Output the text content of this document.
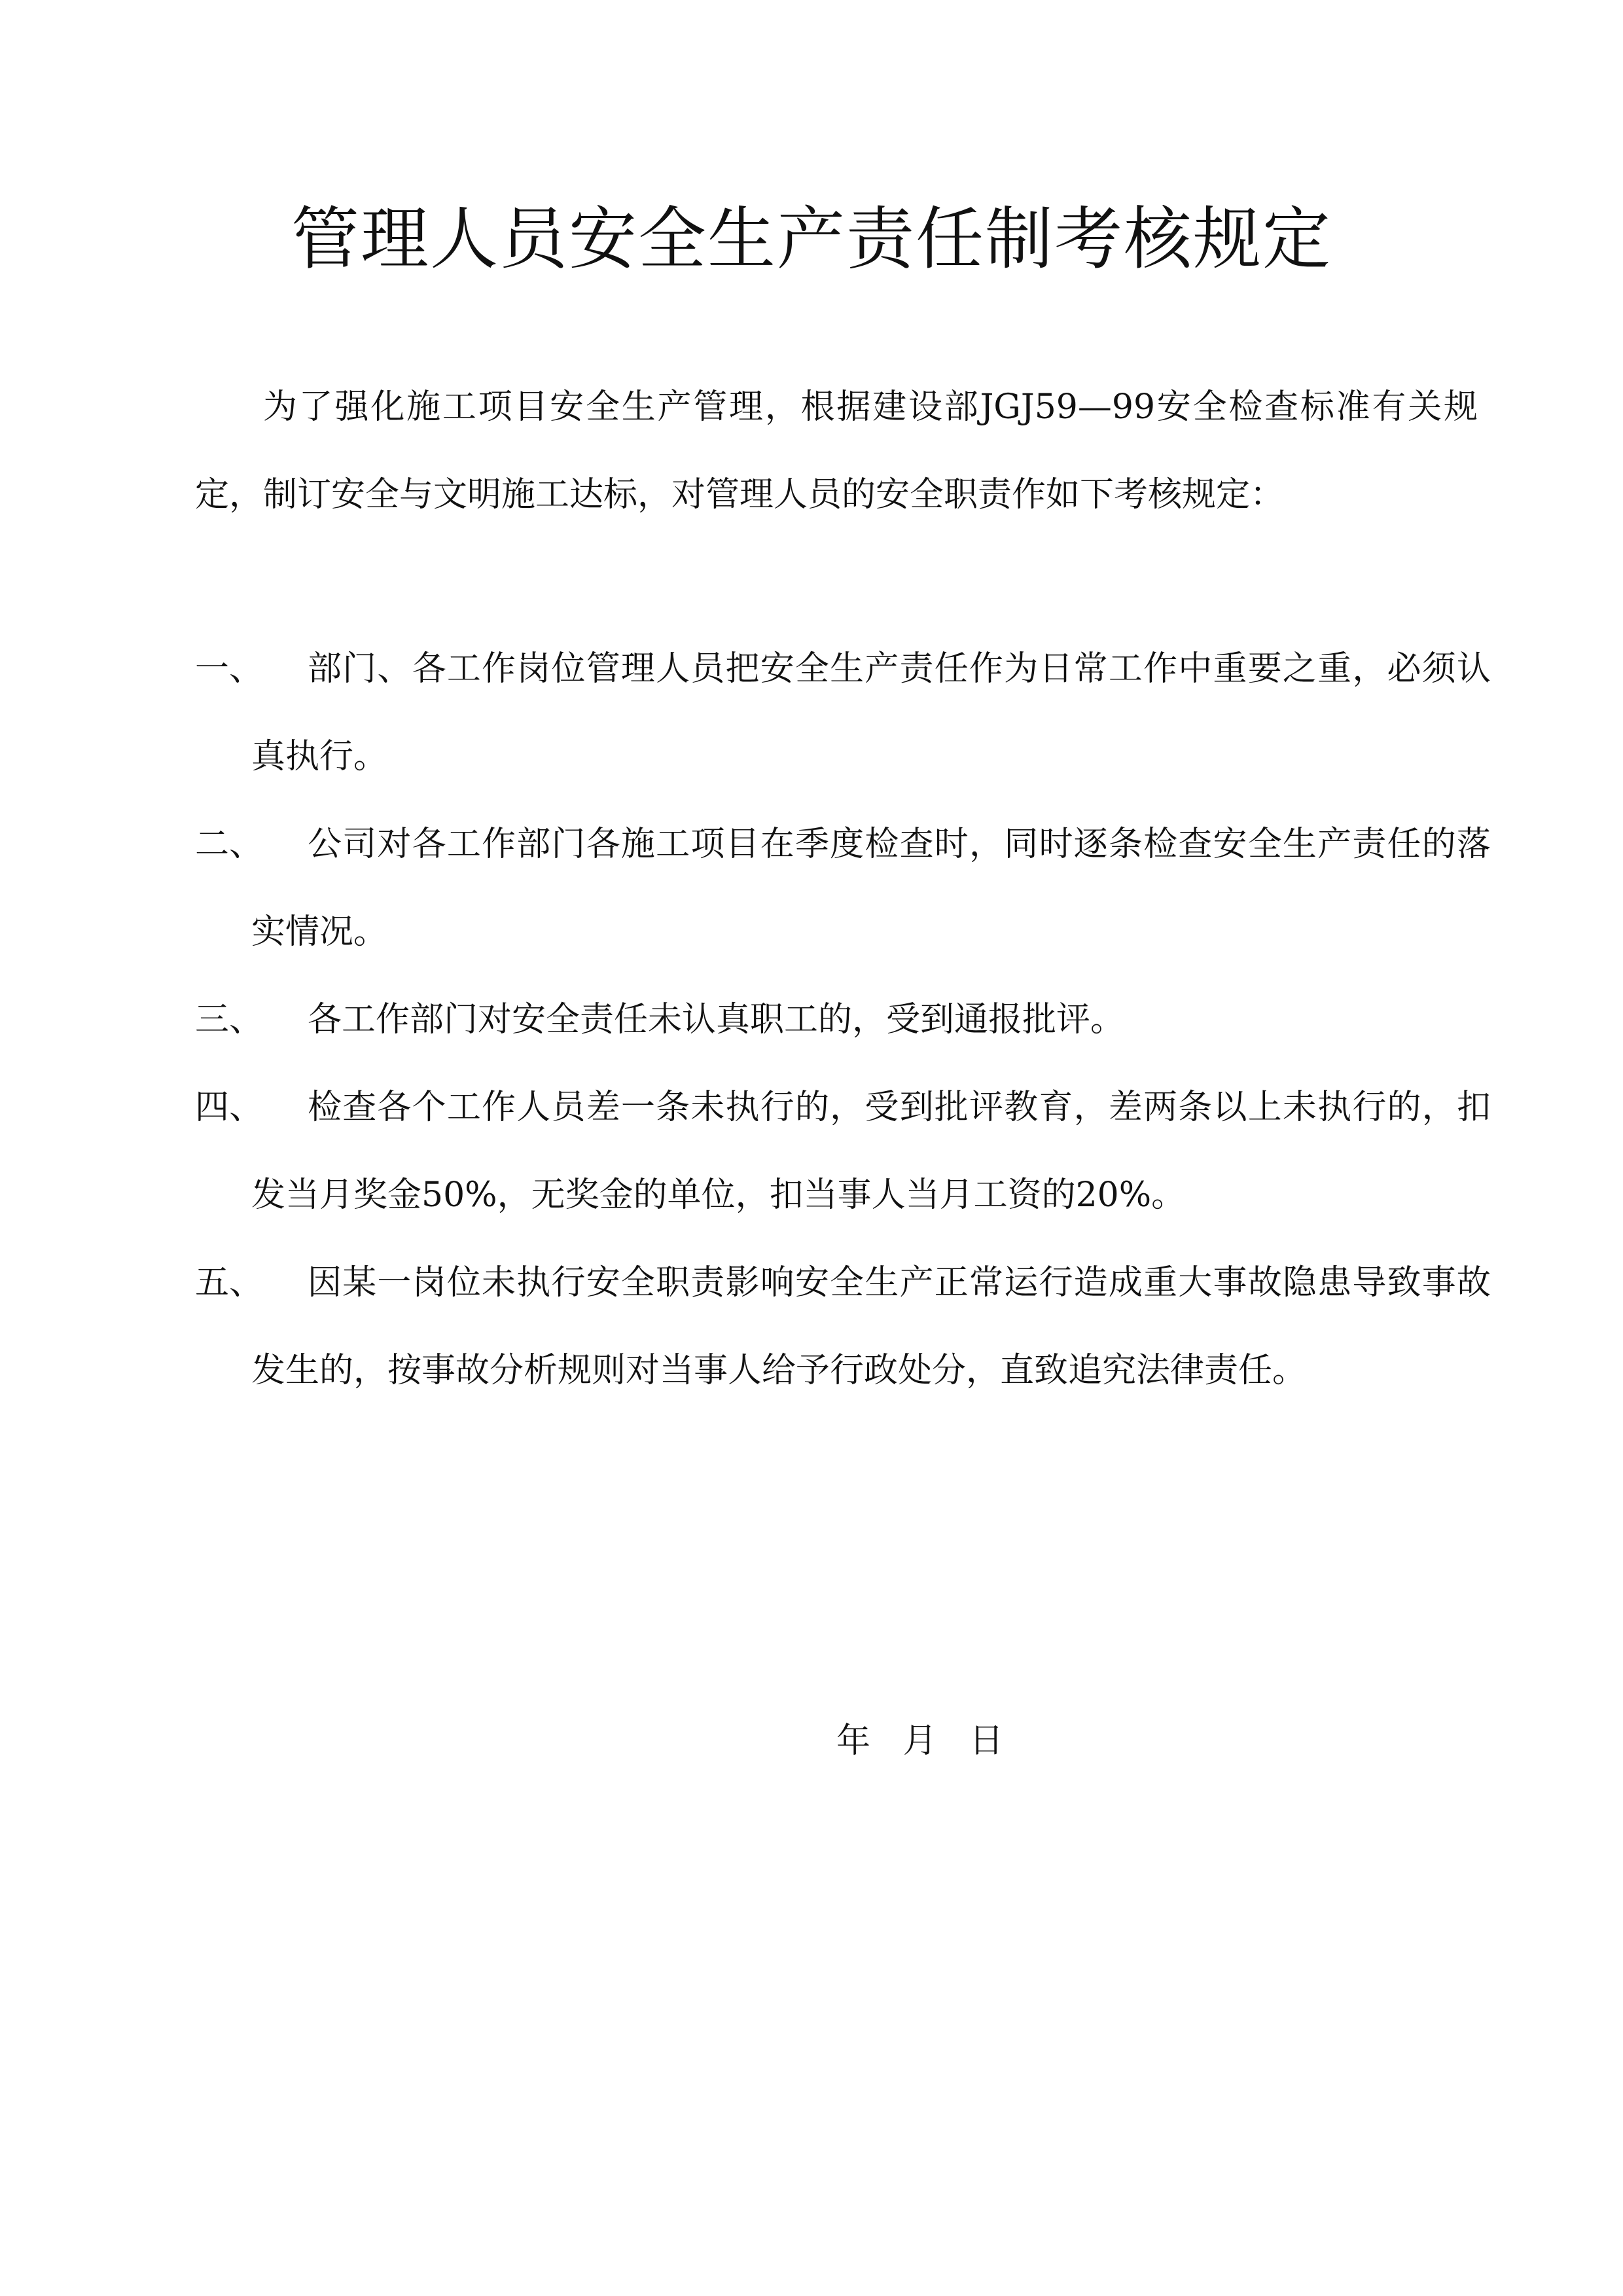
管理人员安全生产责任制考核规定

为了强化施工项目安全生产管理，根据建设部JGJ59—99安全检查标准有关规定，制订安全与文明施工达标，对管理人员的安全职责作如下考核规定：

一、	部门、各工作岗位管理人员把安全生产责任作为日常工作中重要之重，必须认真执行。
二、	公司对各工作部门各施工项目在季度检查时，同时逐条检查安全生产责任的落实情况。
三、	各工作部门对安全责任未认真职工的，受到通报批评。
四、	检查各个工作人员差一条未执行的，受到批评教育，差两条以上未执行的，扣发当月奖金50%，无奖金的单位，扣当事人当月工资的20%。
五、	因某一岗位未执行安全职责影响安全生产正常运行造成重大事故隐患导致事故发生的，按事故分析规则对当事人给予行政处分，直致追究法律责任。
年   月   日
